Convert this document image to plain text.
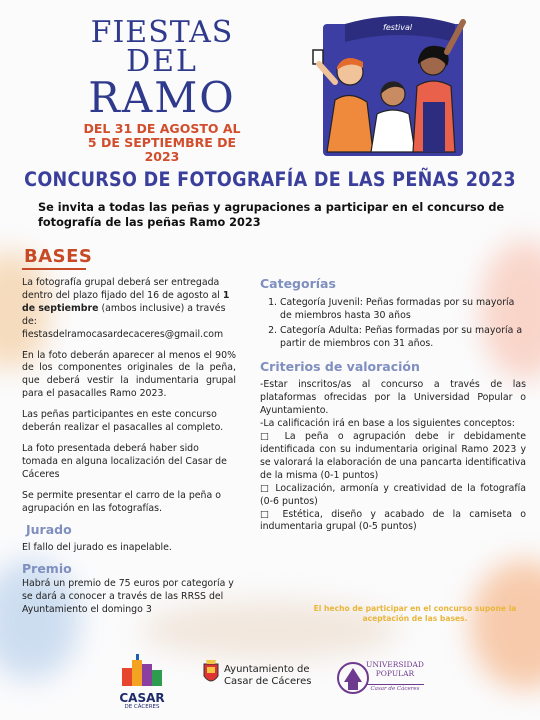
FIESTAS
DEL
RAMO
DEL 31 DE AGOSTO AL
5 DE SEPTIEMBRE DE 2023
festival
CONCURSO DE FOTOGRAFÍA DE LAS PEÑAS 2023
Se invita a todas las peñas y agrupaciones a participar en el concurso de fotografía de las peñas Ramo 2023
BASES

La fotografía grupal deberá ser entregada dentro del plazo fijado del 16 de agosto al 1 de septiembre (ambos inclusive) a través de: fiestasdelramocasardecaceres@gmail.com

En la foto deberán aparecer al menos el 90% de los componentes originales de la peña, que deberá vestir la indumentaria grupal para el pasacalles Ramo 2023.

Las peñas participantes en este concurso deberán realizar el pasacalles al completo.

La foto presentada deberá haber sido tomada en alguna localización del Casar de Cáceres

Se permite presentar el carro de la peña o agrupación en las fotografías.

Jurado

El fallo del jurado es inapelable.

Premio

Habrá un premio de 75 euros por categoría y se dará a conocer a través de las RRSS del Ayuntamiento el domingo 3

Categorías
1. Categoría Juvenil: Peñas formadas por su mayoría de miembros hasta 30 años
2. Categoría Adulta: Peñas formadas por su mayoría a partir de miembros con 31 años.
Criterios de valoración

-Estar inscritos/as al concurso a través de las plataformas ofrecidas por la Universidad Popular o Ayuntamiento.

-La calificación irá en base a los siguientes conceptos:

□ La peña o agrupación debe ir debidamente identificada con su indumentaria original Ramo 2023 y se valorará la elaboración de una pancarta identificativa de la misma (0-1 puntos)

□ Localización, armonía y creatividad de la fotografía (0-6 puntos)

□ Estética, diseño y acabado de la camiseta o indumentaria grupal (0-5 puntos)

El hecho de participar en el concurso supone la aceptación de las bases.
CASAR
DE CÁCERES
Ayuntamiento de
Casar de Cáceres
UNIVERSIDAD
POPULAR
Casar de Cáceres
